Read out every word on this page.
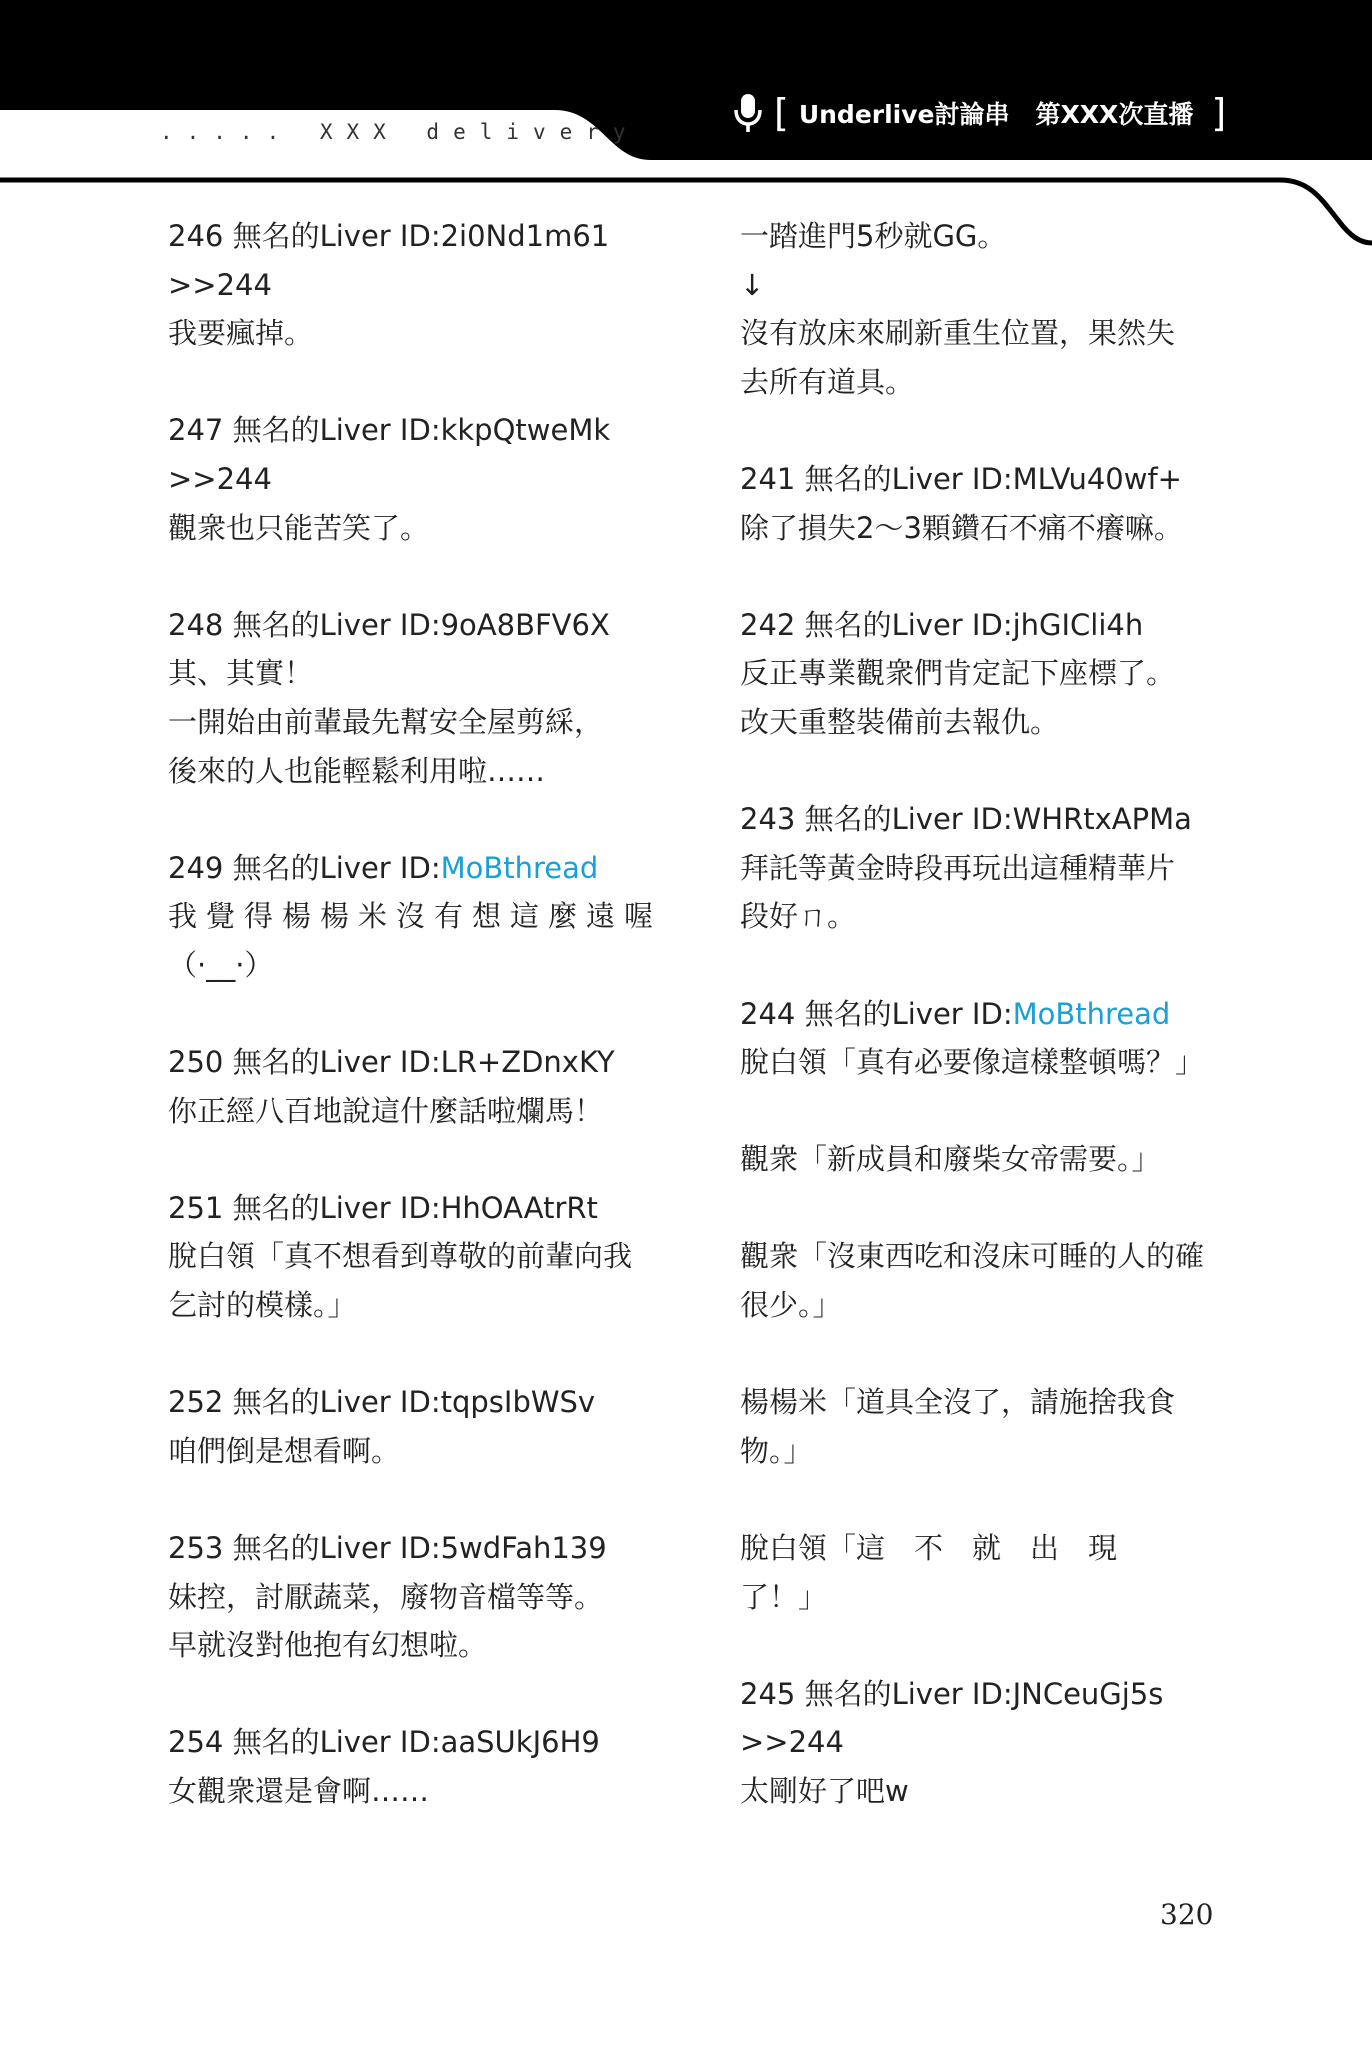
..... XXX delivery	[ Underlive討論串 第XXX次直播 ]
246 無名的Liver ID:2i0Nd1m61
>>244
我要瘋掉。
247 無名的Liver ID:kkpQtweMk
>>244
觀衆也只能苦笑了。
248 無名的Liver ID:9oA8BFV6X
其、其實！
一開始由前輩最先幫安全屋剪綵，
後來的人也能輕鬆利用啦……
249 無名的Liver ID:MoBthread
我覺得楊楊米沒有想這麼遠喔
（·__·）
250 無名的Liver ID:LR+ZDnxKY
你正經八百地說這什麼話啦爛馬！
251 無名的Liver ID:HhOAAtrRt
脫白領「真不想看到尊敬的前輩向我
乞討的模樣。」
252 無名的Liver ID:tqpsIbWSv
咱們倒是想看啊。
253 無名的Liver ID:5wdFah139
妹控，討厭蔬菜，廢物音檔等等。
早就沒對他抱有幻想啦。
254 無名的Liver ID:aaSUkJ6H9
女觀衆還是會啊……
一踏進門5秒就GG。
↓
沒有放床來刷新重生位置，果然失
去所有道具。
241 無名的Liver ID:MLVu40wf+
除了損失2～3顆鑽石不痛不癢嘛。
242 無名的Liver ID:jhGICli4h
反正專業觀衆們肯定記下座標了。
改天重整裝備前去報仇。
243 無名的Liver ID:WHRtxAPMa
拜託等黃金時段再玩出這種精華片
段好ㄇ。
244 無名的Liver ID:MoBthread
脫白領「真有必要像這樣整頓嗎？」

觀衆「新成員和廢柴女帝需要。」

觀衆「沒東西吃和沒床可睡的人的確
很少。」

楊楊米「道具全沒了，請施捨我食
物。」

脫白領「這　不　就　出　現
了！」
245 無名的Liver ID:JNCeuGj5s
>>244
太剛好了吧w
320
